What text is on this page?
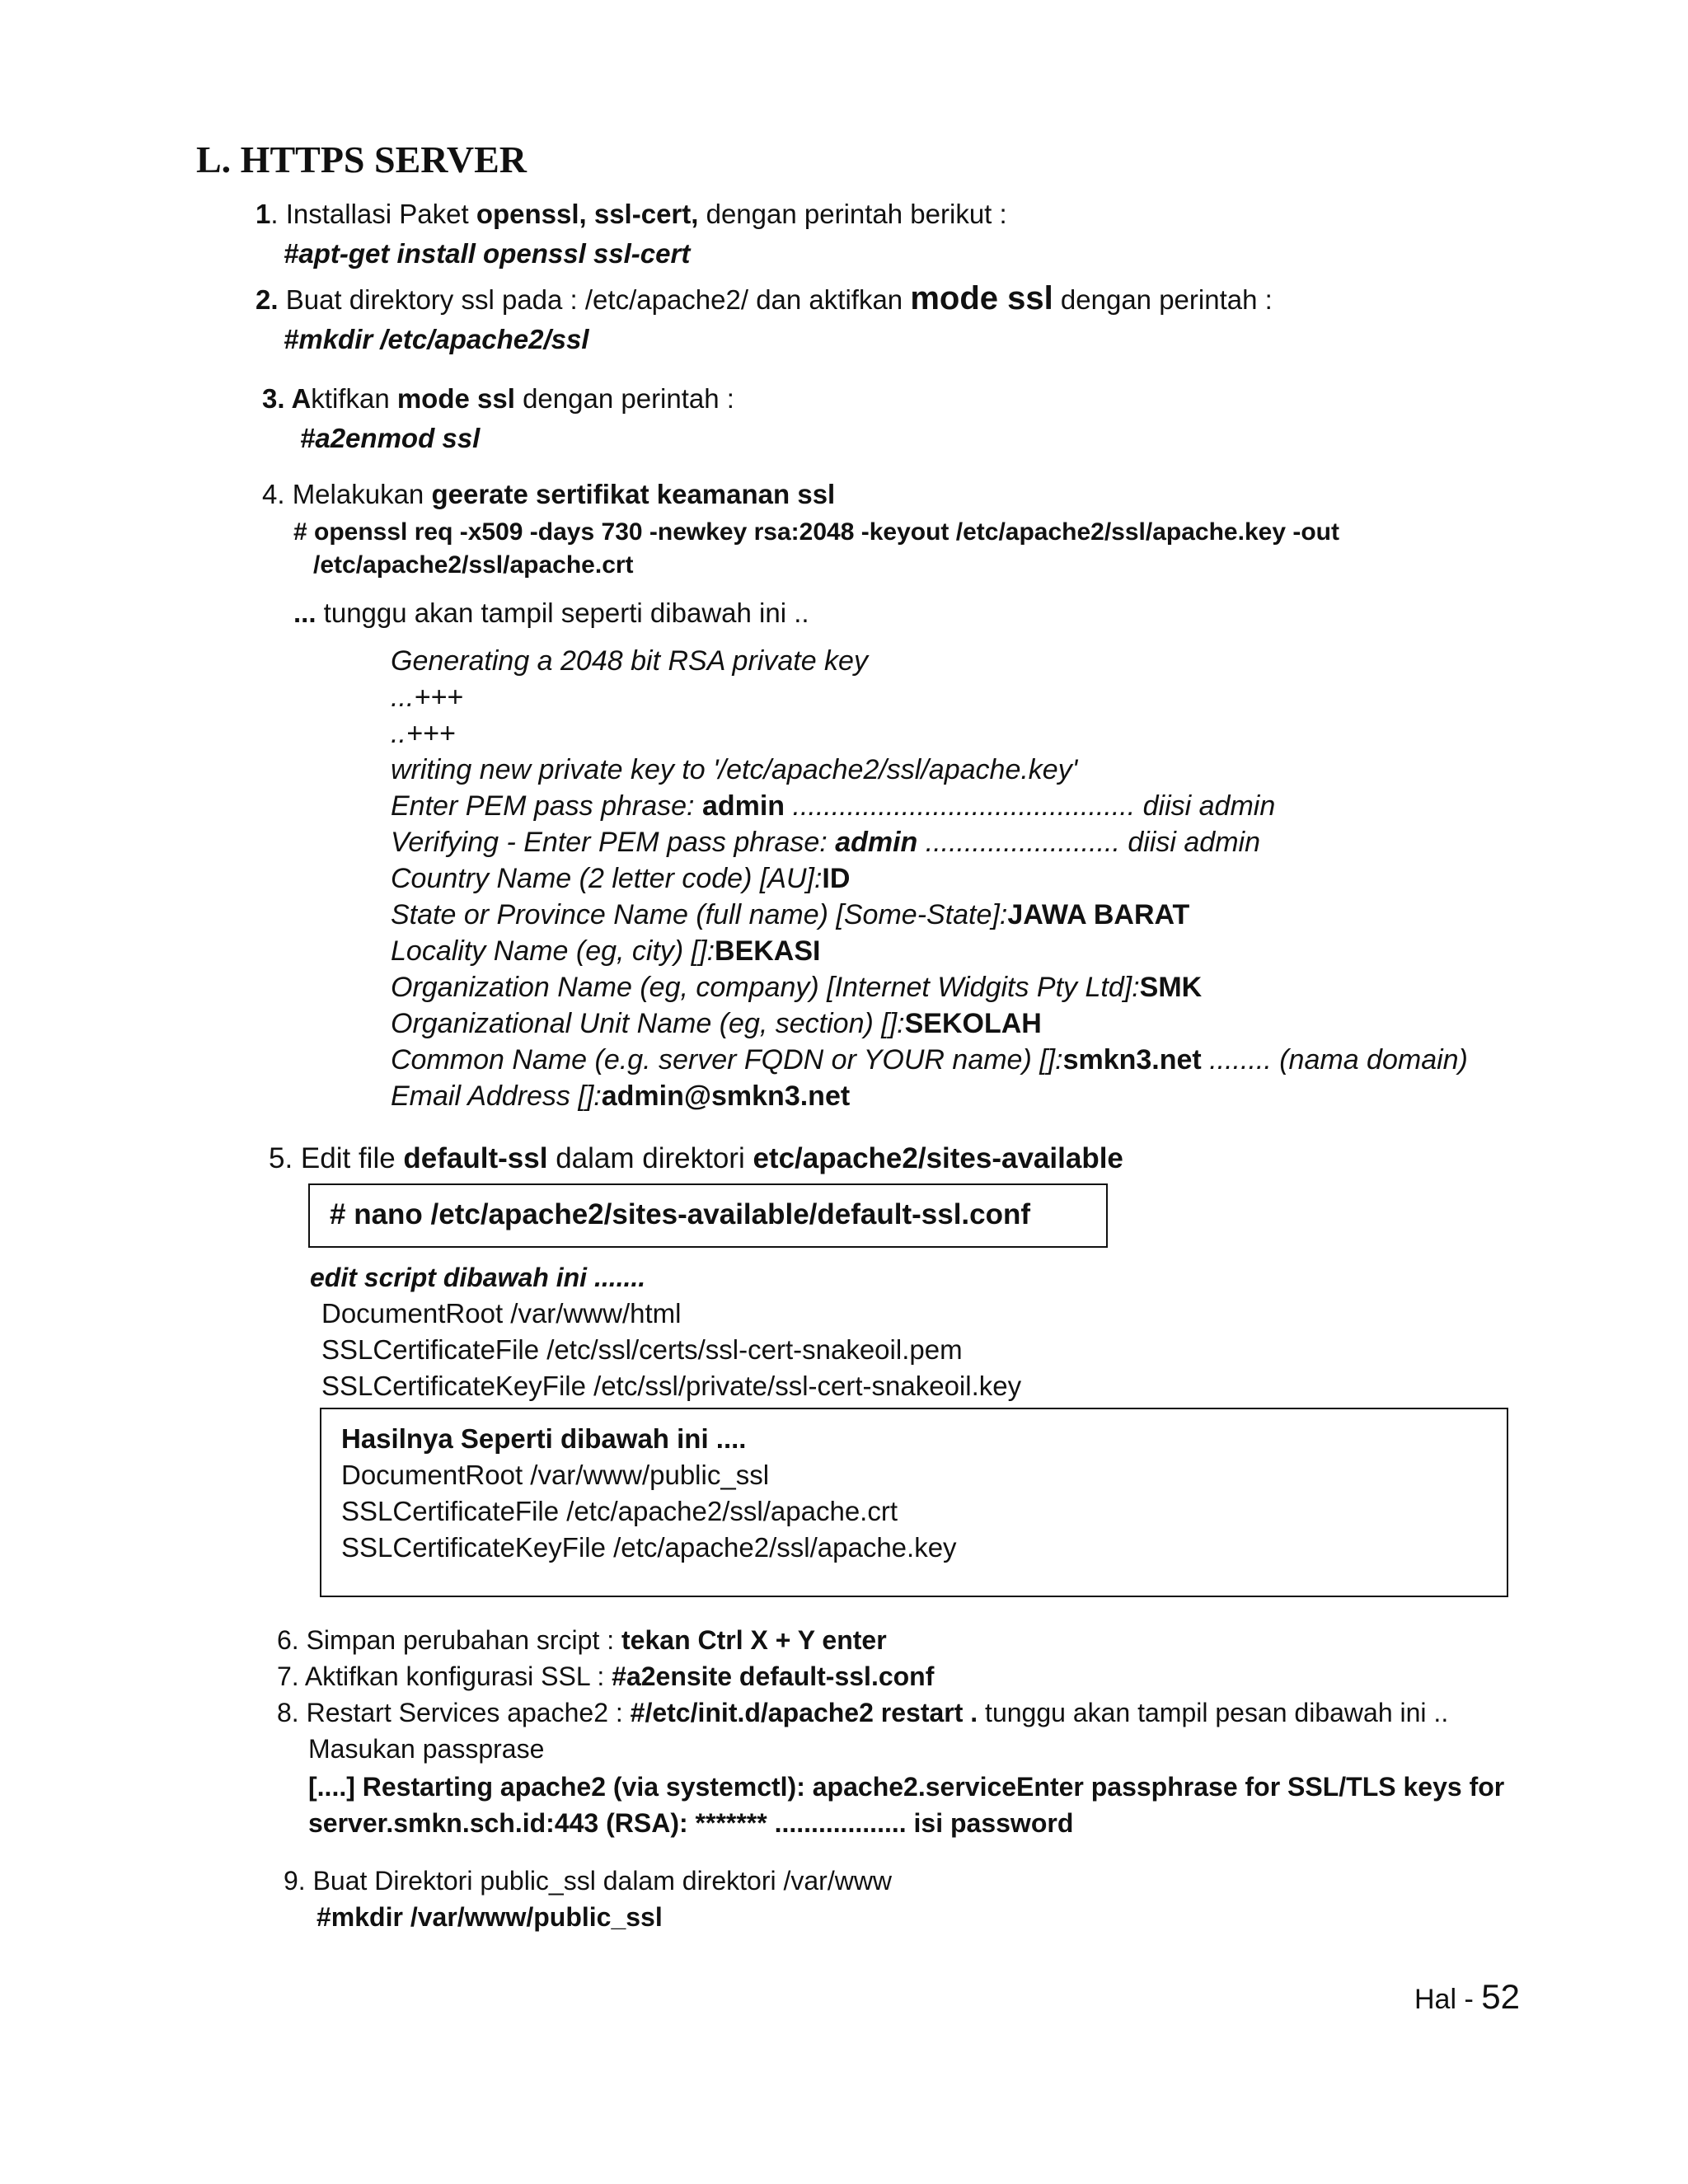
L. HTTPS SERVER
1. Installasi Paket openssl, ssl-cert, dengan perintah berikut :
#apt-get install openssl ssl-cert
2. Buat direktory ssl pada : /etc/apache2/ dan aktifkan mode ssl dengan perintah :
#mkdir /etc/apache2/ssl
3. Aktifkan mode ssl dengan perintah :
#a2enmod ssl
4. Melakukan geerate sertifikat keamanan ssl
# openssl req -x509 -days 730 -newkey rsa:2048 -keyout /etc/apache2/ssl/apache.key -out
/etc/apache2/ssl/apache.crt
... tunggu akan tampil seperti dibawah ini ..
Generating a 2048 bit RSA private key
...+++
..+++
writing new private key to '/etc/apache2/ssl/apache.key'
Enter PEM pass phrase: admin ............................................ diisi admin
Verifying - Enter PEM pass phrase: admin ......................... diisi admin
Country Name (2 letter code) [AU]:ID
State or Province Name (full name) [Some-State]:JAWA BARAT
Locality Name (eg, city) []:BEKASI
Organization Name (eg, company) [Internet Widgits Pty Ltd]:SMK
Organizational Unit Name (eg, section) []:SEKOLAH
Common Name (e.g. server FQDN or YOUR name) []:smkn3.net ........ (nama domain)
Email Address []:admin@smkn3.net
5. Edit file default-ssl dalam direktori etc/apache2/sites-available
# nano /etc/apache2/sites-available/default-ssl.conf
edit script dibawah ini .......
DocumentRoot /var/www/html
SSLCertificateFile /etc/ssl/certs/ssl-cert-snakeoil.pem
SSLCertificateKeyFile /etc/ssl/private/ssl-cert-snakeoil.key
Hasilnya Seperti dibawah ini ....
DocumentRoot /var/www/public_ssl
SSLCertificateFile /etc/apache2/ssl/apache.crt
SSLCertificateKeyFile /etc/apache2/ssl/apache.key
6. Simpan perubahan srcipt : tekan Ctrl X + Y enter
7. Aktifkan konfigurasi SSL : #a2ensite default-ssl.conf
8. Restart Services apache2 : #/etc/init.d/apache2 restart . tunggu akan tampil pesan dibawah ini ..
Masukan passprase
[....] Restarting apache2 (via systemctl): apache2.serviceEnter passphrase for SSL/TLS keys for
server.smkn.sch.id:443 (RSA): ******* .................. isi password
9. Buat Direktori public_ssl dalam direktori /var/www
#mkdir /var/www/public_ssl
Hal - 52
